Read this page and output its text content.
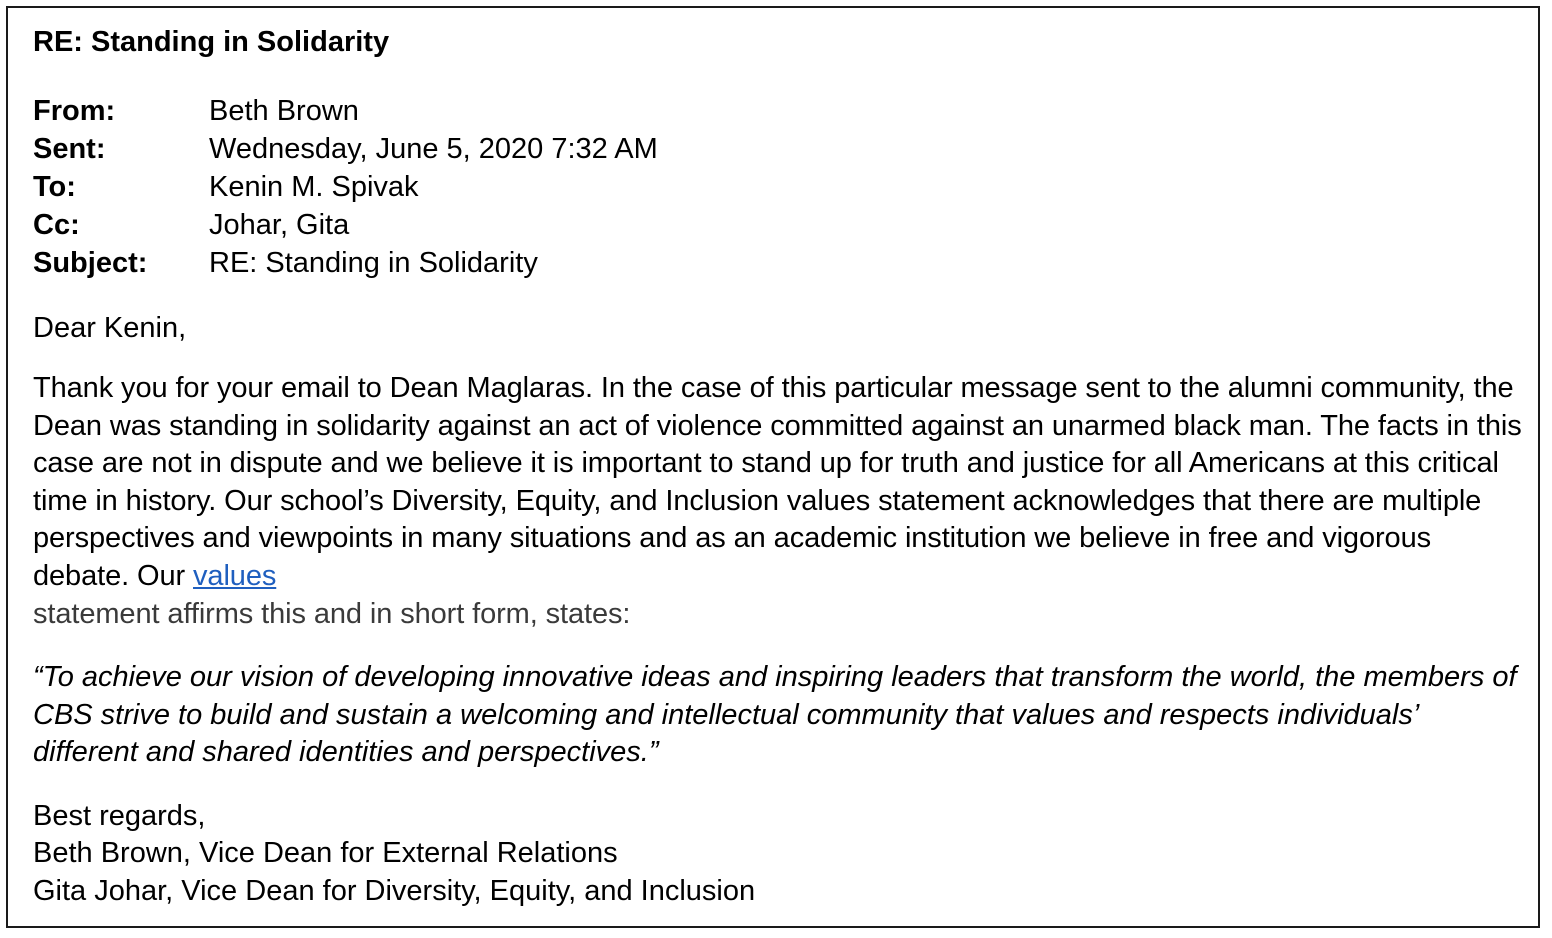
RE: Standing in Solidarity
From:	Beth Brown
Sent:	Wednesday, June 5, 2020 7:32 AM
To:	Kenin M. Spivak
Cc:	Johar, Gita
Subject:	RE: Standing in Solidarity
Dear Kenin,
Thank you for your email to Dean Maglaras. In the case of this particular message sent to the alumni community, the Dean was standing in solidarity against an act of violence committed against an unarmed black man. The facts in this case are not in dispute and we believe it is important to stand up for truth and justice for all Americans at this critical time in history. Our school’s Diversity, Equity, and Inclusion values statement acknowledges that there are multiple perspectives and viewpoints in many situations and as an academic institution we believe in free and vigorous debate. Our values
statement affirms this and in short form, states:
“To achieve our vision of developing innovative ideas and inspiring leaders that transform the world, the members of CBS strive to build and sustain a welcoming and intellectual community that values and respects individuals’ different and shared identities and perspectives.”
Best regards,
Beth Brown, Vice Dean for External Relations
Gita Johar, Vice Dean for Diversity, Equity, and Inclusion
